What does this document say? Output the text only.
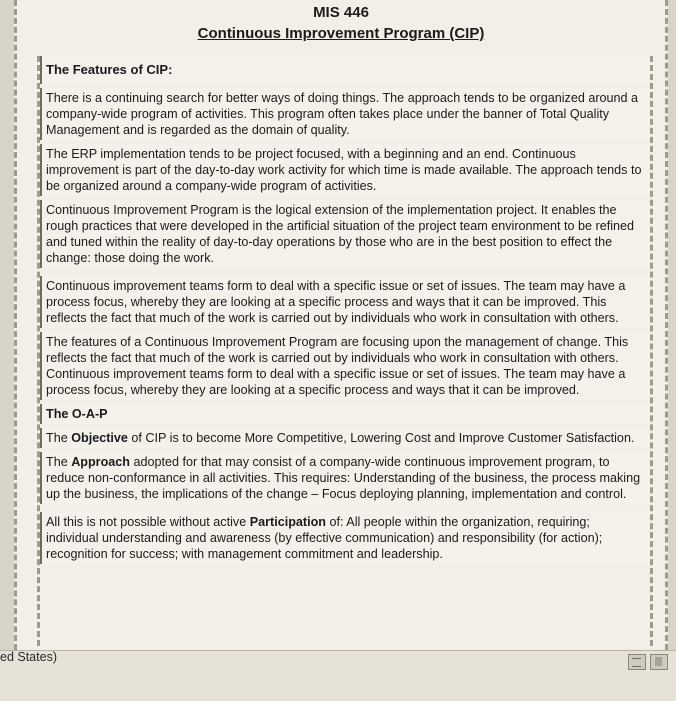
MIS 446
Continuous Improvement Program (CIP)
The Features of CIP:
There is a continuing search for better ways of doing things. The approach tends to be organized around a company-wide program of activities. This program often takes place under the banner of Total Quality Management and is regarded as the domain of quality.
The ERP implementation tends to be project focused, with a beginning and an end. Continuous improvement is part of the day-to-day work activity for which time is made available. The approach tends to be organized around a company-wide program of activities.
Continuous Improvement Program is the logical extension of the implementation project. It enables the rough practices that were developed in the artificial situation of the project team environment to be refined and tuned within the reality of day-to-day operations by those who are in the best position to effect the change: those doing the work.
Continuous improvement teams form to deal with a specific issue or set of issues. The team may have a process focus, whereby they are looking at a specific process and ways that it can be improved. This reflects the fact that much of the work is carried out by individuals who work in consultation with others.
The features of a Continuous Improvement Program are focusing upon the management of change. This reflects the fact that much of the work is carried out by individuals who work in consultation with others. Continuous improvement teams form to deal with a specific issue or set of issues. The team may have a process focus, whereby they are looking at a specific process and ways that it can be improved.
The O-A-P
The Objective of CIP is to become More Competitive, Lowering Cost and Improve Customer Satisfaction.
The Approach adopted for that may consist of a company-wide continuous improvement program, to reduce non-conformance in all activities. This requires: Understanding of the business, the process making up the business, the implications of the change – Focus deploying planning, implementation and control.
All this is not possible without active Participation of: All people within the organization, requiring; individual understanding and awareness (by effective communication) and responsibility (for action); recognition for success; with management commitment and leadership.
ed States)
